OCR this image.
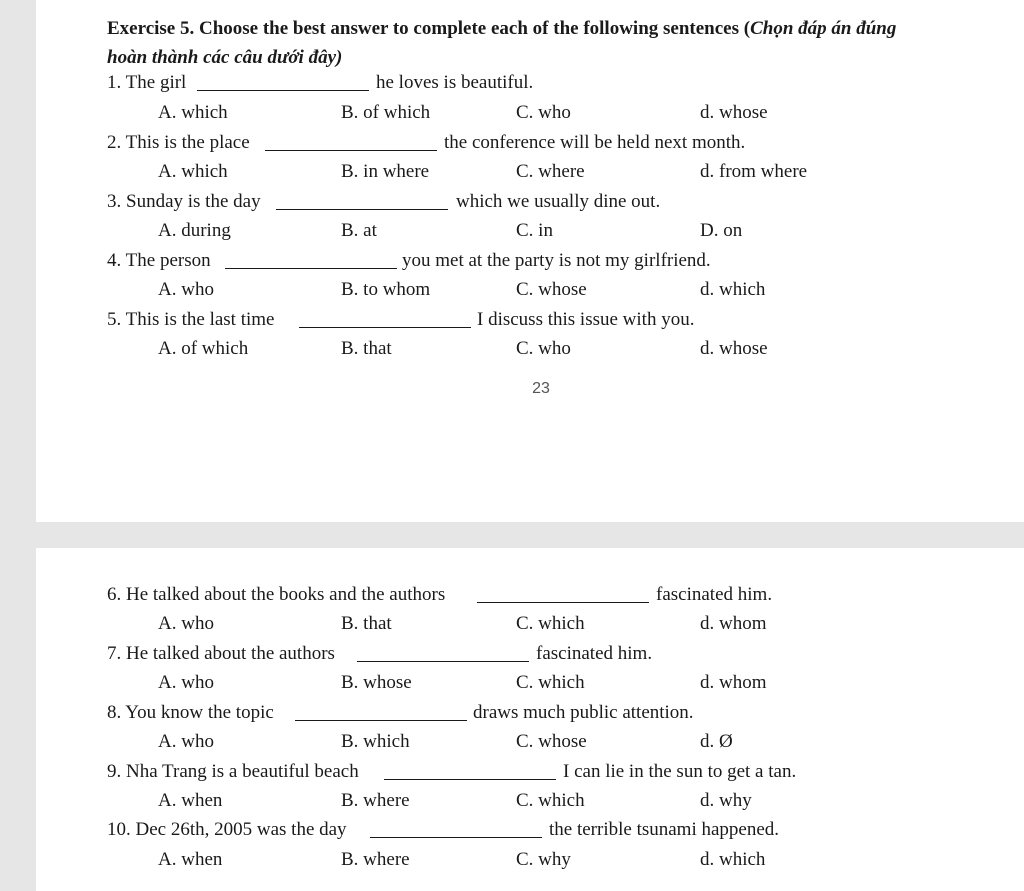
Exercise 5. Choose the best answer to complete each of the following sentences (Chọn đáp án đúng
hoàn thành các câu dưới đây)
1. The girl	he loves is beautiful.
A. which	B. of which	C. who	d. whose
2. This is the place	the conference will be held next month.
A. which	B. in where	C. where	d. from where
3. Sunday is the day	which we usually dine out.
A. during	B. at	C. in	D. on
4. The person	you met at the party is not my girlfriend.
A. who	B. to whom	C. whose	d. which
5. This is the last time	I discuss this issue with you.
A. of which	B. that	C. who	d. whose
23
6. He talked about the books and the authors	fascinated him.
A. who	B. that	C. which	d. whom
7. He talked about the authors	fascinated him.
A. who	B. whose	C. which	d. whom
8. You know the topic	draws much public attention.
A. who	B. which	C. whose	d. Ø
9. Nha Trang is a beautiful beach	I can lie in the sun to get a tan.
A. when	B. where	C. which	d. why
10. Dec 26th, 2005 was the day	the terrible tsunami happened.
A. when	B. where	C. why	d. which
